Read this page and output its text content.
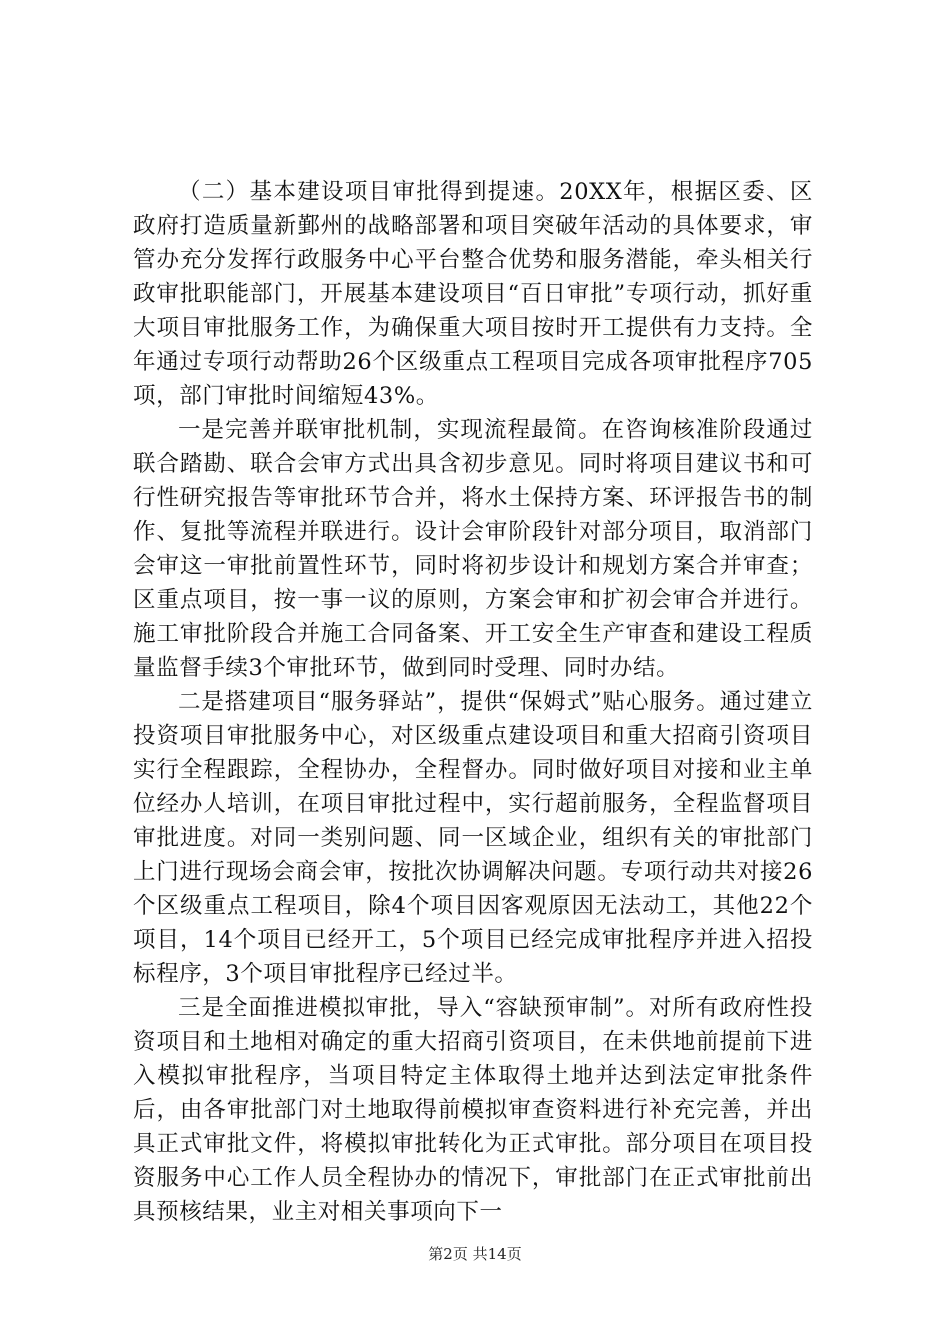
（二）基本建设项目审批得到提速。20XX年，根据区委、区政府打造质量新鄞州的战略部署和项目突破年活动的具体要求，审管办充分发挥行政服务中心平台整合优势和服务潜能，牵头相关行政审批职能部门，开展基本建设项目“百日审批”专项行动，抓好重大项目审批服务工作，为确保重大项目按时开工提供有力支持。全年通过专项行动帮助26个区级重点工程项目完成各项审批程序705项，部门审批时间缩短43%。

一是完善并联审批机制，实现流程最简。在咨询核准阶段通过联合踏勘、联合会审方式出具含初步意见。同时将项目建议书和可行性研究报告等审批环节合并，将水土保持方案、环评报告书的制作、复批等流程并联进行。设计会审阶段针对部分项目，取消部门会审这一审批前置性环节，同时将初步设计和规划方案合并审查；区重点项目，按一事一议的原则，方案会审和扩初会审合并进行。施工审批阶段合并施工合同备案、开工安全生产审查和建设工程质量监督手续3个审批环节，做到同时受理、同时办结。

二是搭建项目“服务驿站”，提供“保姆式”贴心服务。通过建立投资项目审批服务中心，对区级重点建设项目和重大招商引资项目实行全程跟踪，全程协办，全程督办。同时做好项目对接和业主单位经办人培训，在项目审批过程中，实行超前服务，全程监督项目审批进度。对同一类别问题、同一区域企业，组织有关的审批部门上门进行现场会商会审，按批次协调解决问题。专项行动共对接26个区级重点工程项目，除4个项目因客观原因无法动工，其他22个项目，14个项目已经开工，5个项目已经完成审批程序并进入招投标程序，3个项目审批程序已经过半。

三是全面推进模拟审批，导入“容缺预审制”。对所有政府性投资项目和土地相对确定的重大招商引资项目，在未供地前提前下进入模拟审批程序，当项目特定主体取得土地并达到法定审批条件后，由各审批部门对土地取得前模拟审查资料进行补充完善，并出具正式审批文件，将模拟审批转化为正式审批。部分项目在项目投资服务中心工作人员全程协办的情况下，审批部门在正式审批前出具预核结果，业主对相关事项向下一

第2页 共14页
